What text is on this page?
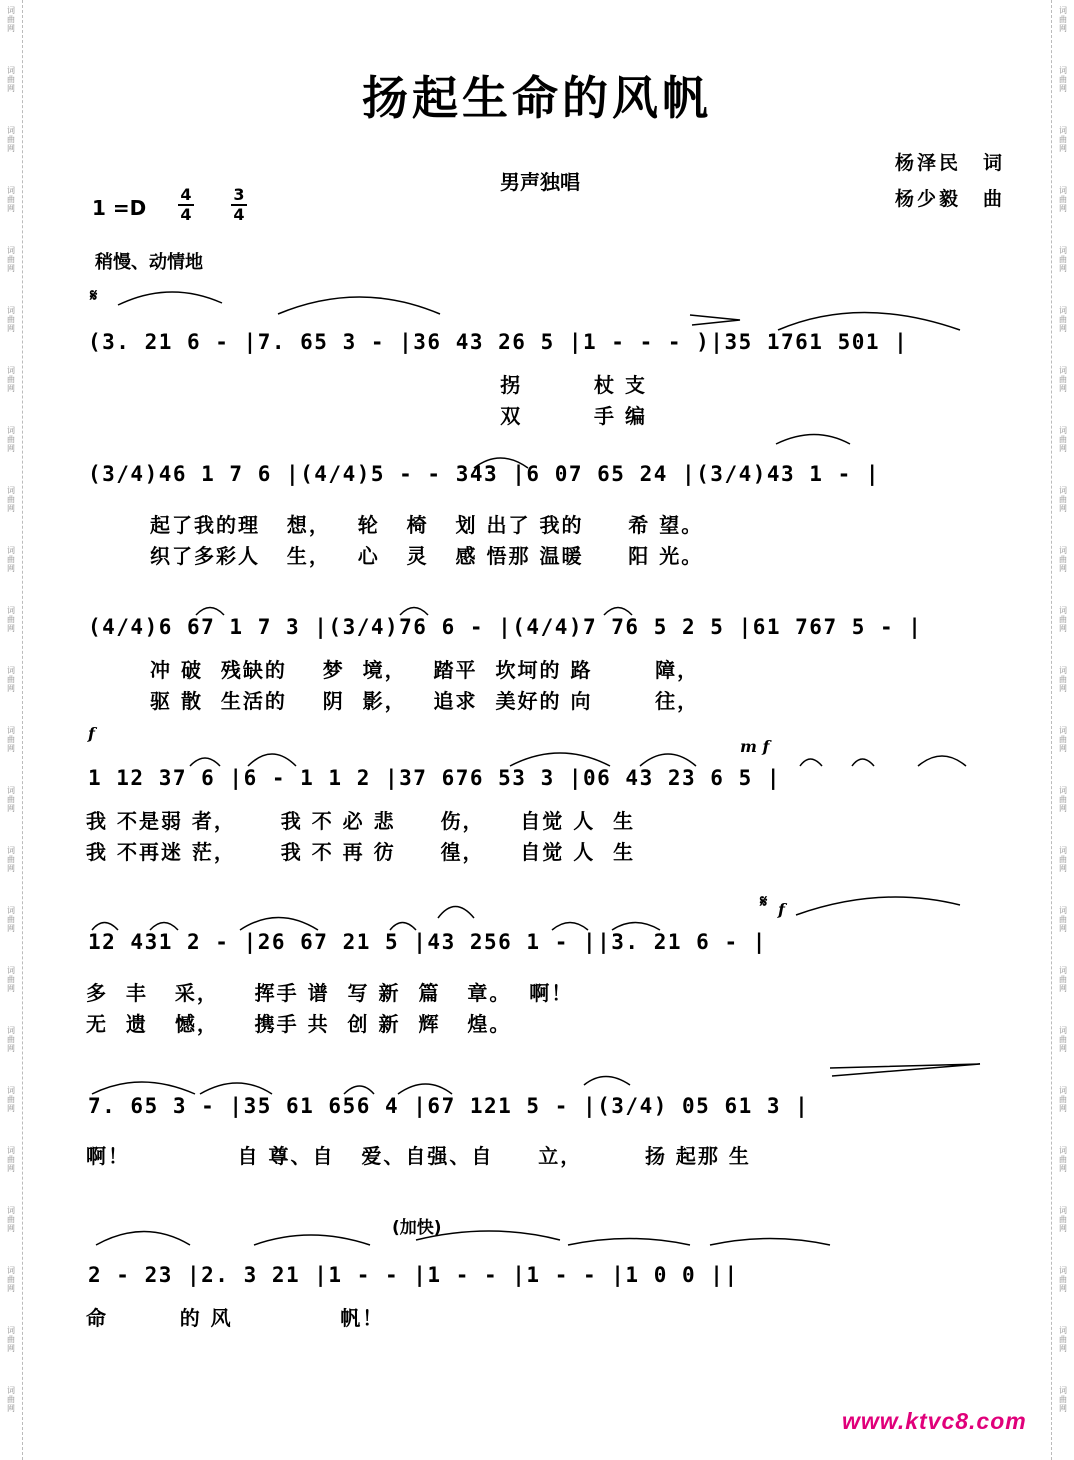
词
曲
网
词
曲
网
词
曲
网
词
曲
网
词
曲
网
词
曲
网
词
曲
网
词
曲
网
词
曲
网
词
曲
网
词
曲
网
词
曲
网
词
曲
网
词
曲
网
词
曲
网
词
曲
网
词
曲
网
词
曲
网
词
曲
网
词
曲
网
词
曲
网
词
曲
网
词
曲
网
词
曲
网
词
曲
网
词
曲
网
词
曲
网
词
曲
网
词
曲
网
词
曲
网
词
曲
网
词
曲
网
词
曲
网
词
曲
网
词
曲
网
词
曲
网
词
曲
网
词
曲
网
词
曲
网
词
曲
网
词
曲
网
词
曲
网
词
曲
网
词
曲
网
词
曲
网
词
曲
网
词
曲
网
词
曲
网
扬起生命的风帆
男声独唱
杨泽民　词
杨少毅　曲
1 =D
4
4
3
4
稍慢、动情地
𝄋
𝄋
f
f
m f
(加快)
(3. 21 6 - |7. 65 3 - |36 43 26 5 |1 - - - )|35 1761 501 |
拐        杖 支
双        手 编
(3/4)46 1 7 6 |(4/4)5 - - 343 |6 07 65 24 |(3/4)43 1 - |
起了我的理   想，   轮   椅   划 出了 我的     希 望。
织了多彩人   生，   心   灵   感 悟那 温暖     阳 光。
(4/4)6 67 1 7 3 |(3/4)76 6 - |(4/4)7 76 5 2 5 |61 767 5 - |
冲 破  残缺的    梦  境，   踏平  坎坷的 路       障，
驱 散  生活的    阴  影，   追求  美好的 向       往，
1 12 37 6 |6 - 1 1 2 |37 676 53 3 |06 43 23 6 5 |
我 不是弱 者，     我 不 必 悲     伤，    自觉 人  生
我 不再迷 茫，     我 不 再 彷     徨，    自觉 人  生
12 431 2 - |26 67 21 5 |43 256 1 - ||3. 21 6 - |
多  丰   采，    挥手 谱  写 新  篇   章。  啊！
无  遗   憾，    携手 共  创 新  辉   煌。
7. 65 3 - |35 61 656 4 |67 121 5 - |(3/4) 05 61 3 |
啊！            自 尊、自   爱、自强、自     立，       扬 起那 生
2 - 23 |2. 3 21 |1 - - |1 - - |1 - - |1 0 0 ||
命        的 风            帆！
www.ktvc8.com
